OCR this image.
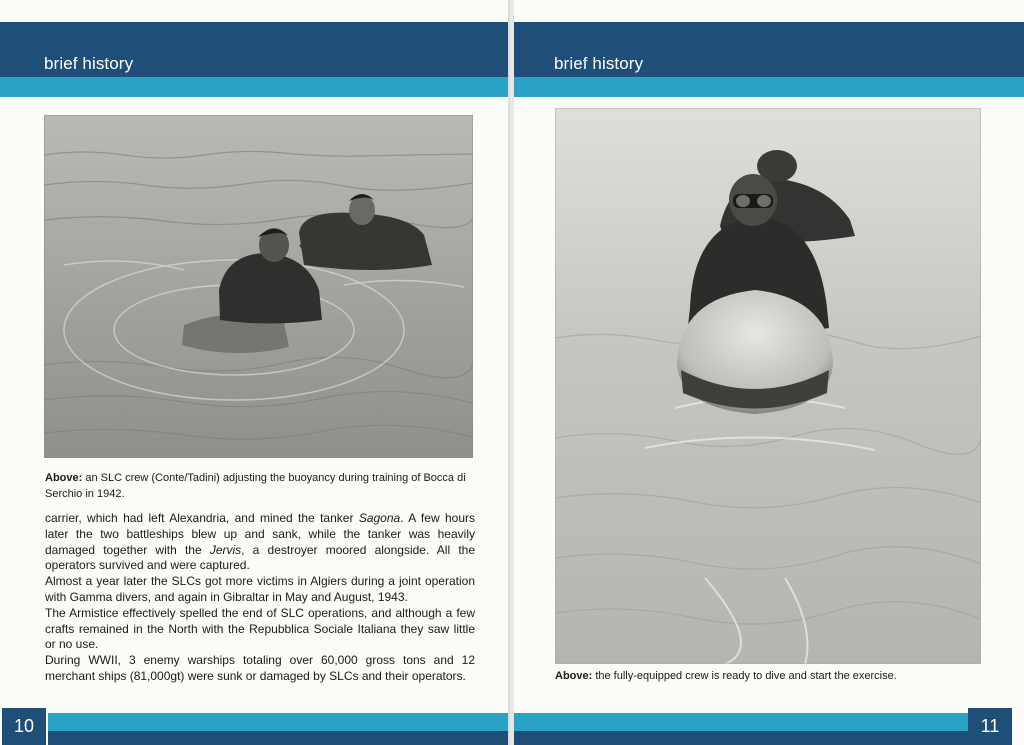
brief history
Above: an SLC crew (Conte/Tadini) adjusting the buoyancy during training of Bocca di Serchio in 1942.

carrier, which had left Alexandria, and mined the tanker Sagona. A few hours later the two battleships blew up and sank, while the tanker was heavily damaged together with the Jervis, a destroyer moored alongside. All the operators survived and were captured.

Almost a year later the SLCs got more victims in Algiers during a joint operation with Gamma divers, and again in Gibraltar in May and August, 1943.

The Armistice effectively spelled the end of SLC operations, and although a few crafts remained in the North with the Repubblica Sociale Italiana they saw little or no use.

During WWII, 3 enemy warships totaling over 60,000 gross tons and 12 merchant ships (81,000gt) were sunk or damaged by SLCs and their operators.

10
brief history
Above: the fully-equipped crew is ready to dive and start the exercise.
11
